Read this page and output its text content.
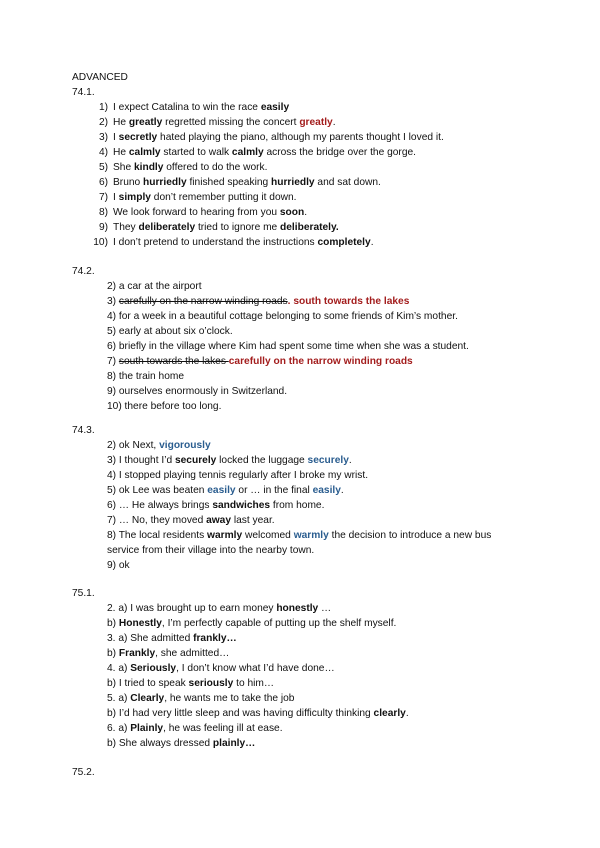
ADVANCED
74.1.
1) I expect Catalina to win the race easily
2) He greatly regretted missing the concert greatly.
3) I secretly hated playing the piano, although my parents thought I loved it.
4) He calmly started to walk calmly across the bridge over the gorge.
5) She kindly offered to do the work.
6) Bruno hurriedly finished speaking hurriedly and sat down.
7) I simply don’t remember putting it down.
8) We look forward to hearing from you soon.
9) They deliberately tried to ignore me deliberately.
10) I don’t pretend to understand the instructions completely.
74.2.
2) a car at the airport
3) carefully on the narrow winding roads. south towards the lakes
4) for a week in a beautiful cottage belonging to some friends of Kim’s mother.
5) early at about six o’clock.
6) briefly in the village where Kim had spent some time when she was a student.
7) south towards the lakes carefully on the narrow winding roads
8) the train home
9) ourselves enormously in Switzerland.
10) there before too long.
74.3.
2) ok Next, vigorously
3) I thought I’d securely locked the luggage securely.
4) I stopped playing tennis regularly after I broke my wrist.
5) ok Lee was beaten easily or … in the final easily.
6) … He always brings sandwiches from home.
7) … No, they moved away last year.
8) The local residents warmly welcomed warmly the decision to introduce a new bus
service from their village into the nearby town.
9) ok
75.1.
2. a) I was brought up to earn money honestly …
b) Honestly, I’m perfectly capable of putting up the shelf myself.
3. a) She admitted frankly…
b) Frankly, she admitted…
4. a) Seriously, I don’t know what I’d have done…
b) I tried to speak seriously to him…
5. a) Clearly, he wants me to take the job
b) I’d had very little sleep and was having difficulty thinking clearly.
6. a) Plainly, he was feeling ill at ease.
b) She always dressed plainly…
75.2.
